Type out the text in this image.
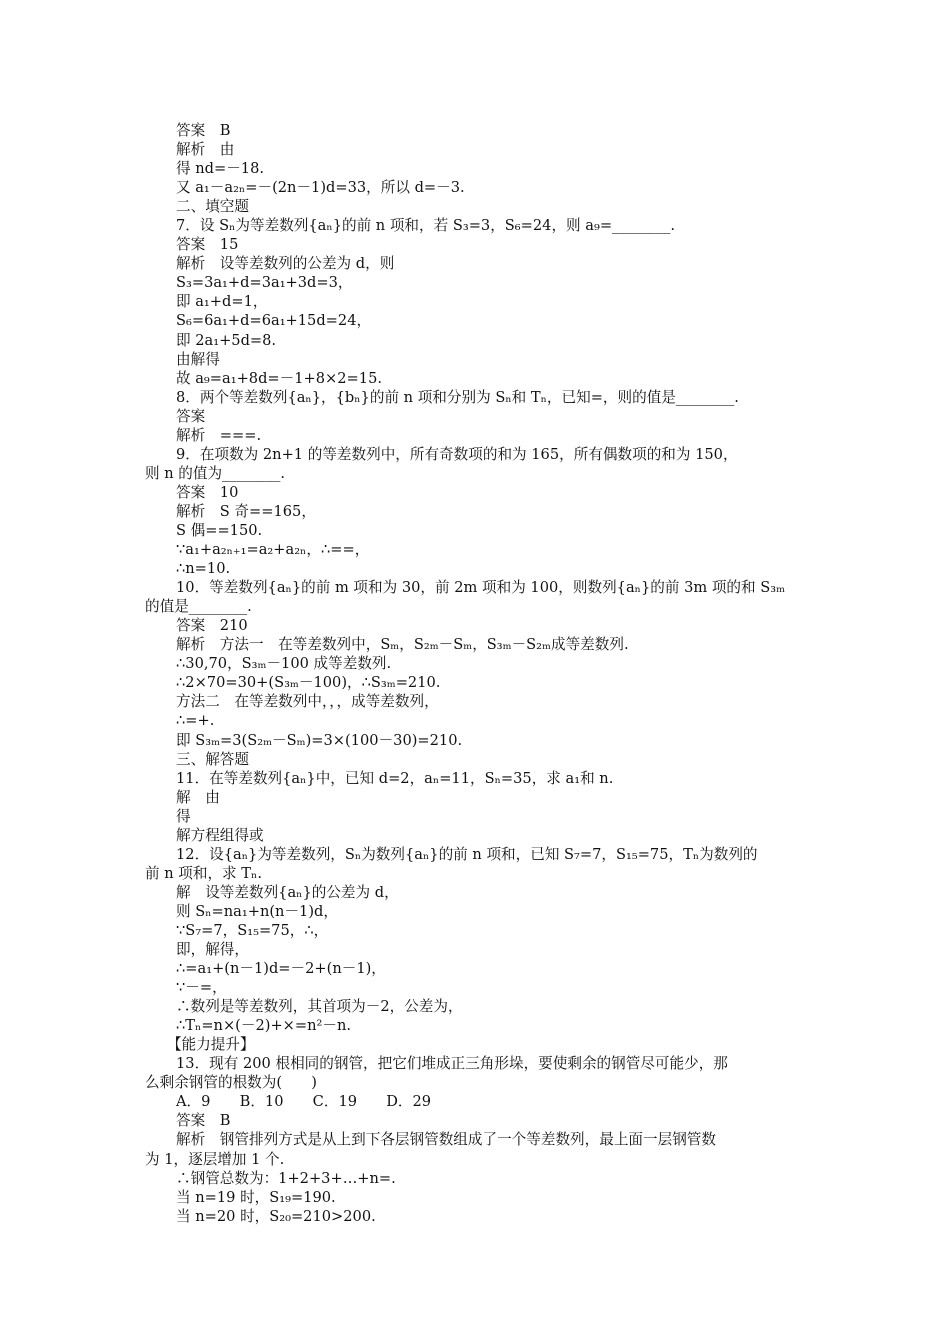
答案　B
解析　由
得 nd=－18.
又 a₁－a₂ₙ=－(2n－1)d=33，所以 d=－3.
二、填空题
7．设 Sₙ为等差数列{aₙ}的前 n 项和，若 S₃=3，S₆=24，则 a₉=________.
答案　15
解析　设等差数列的公差为 d，则
S₃=3a₁+d=3a₁+3d=3，
即 a₁+d=1，
S₆=6a₁+d=6a₁+15d=24，
即 2a₁+5d=8.
由解得
故 a₉=a₁+8d=－1+8×2=15.
8．两个等差数列{aₙ}，{bₙ}的前 n 项和分别为 Sₙ和 Tₙ，已知=，则的值是________.
答案
解析　===.
9．在项数为 2n+1 的等差数列中，所有奇数项的和为 165，所有偶数项的和为 150，
则 n 的值为________.
答案　10
解析　S 奇==165，
S 偶==150.
∵a₁+a₂ₙ₊₁=a₂+a₂ₙ，∴==，
∴n=10.
10．等差数列{aₙ}的前 m 项和为 30，前 2m 项和为 100，则数列{aₙ}的前 3m 项的和 S₃ₘ
的值是________.
答案　210
解析　方法一　在等差数列中，Sₘ，S₂ₘ－Sₘ，S₃ₘ－S₂ₘ成等差数列.
∴30,70，S₃ₘ－100 成等差数列.
∴2×70=30+(S₃ₘ－100)，∴S₃ₘ=210.
方法二　在等差数列中，，，成等差数列，
∴=+.
即 S₃ₘ=3(S₂ₘ－Sₘ)=3×(100－30)=210.
三、解答题
11．在等差数列{aₙ}中，已知 d=2，aₙ=11，Sₙ=35，求 a₁和 n.
解　由
得
解方程组得或
12．设{aₙ}为等差数列，Sₙ为数列{aₙ}的前 n 项和，已知 S₇=7，S₁₅=75，Tₙ为数列的
前 n 项和，求 Tₙ.
解　设等差数列{aₙ}的公差为 d，
则 Sₙ=na₁+n(n－1)d，
∵S₇=7，S₁₅=75，∴，
即，解得，
∴=a₁+(n－1)d=－2+(n－1)，
∵－=，
∴数列是等差数列，其首项为－2，公差为，
∴Tₙ=n×(－2)+×=n²－n.
【能力提升】
13．现有 200 根相同的钢管，把它们堆成正三角形垛，要使剩余的钢管尽可能少，那
么剩余钢管的根数为(　　)
A．9　　B．10　　C．19　　D．29
答案　B
解析　钢管排列方式是从上到下各层钢管数组成了一个等差数列，最上面一层钢管数
为 1，逐层增加 1 个.
∴钢管总数为：1+2+3+…+n=.
当 n=19 时，S₁₉=190.
当 n=20 时，S₂₀=210>200.
